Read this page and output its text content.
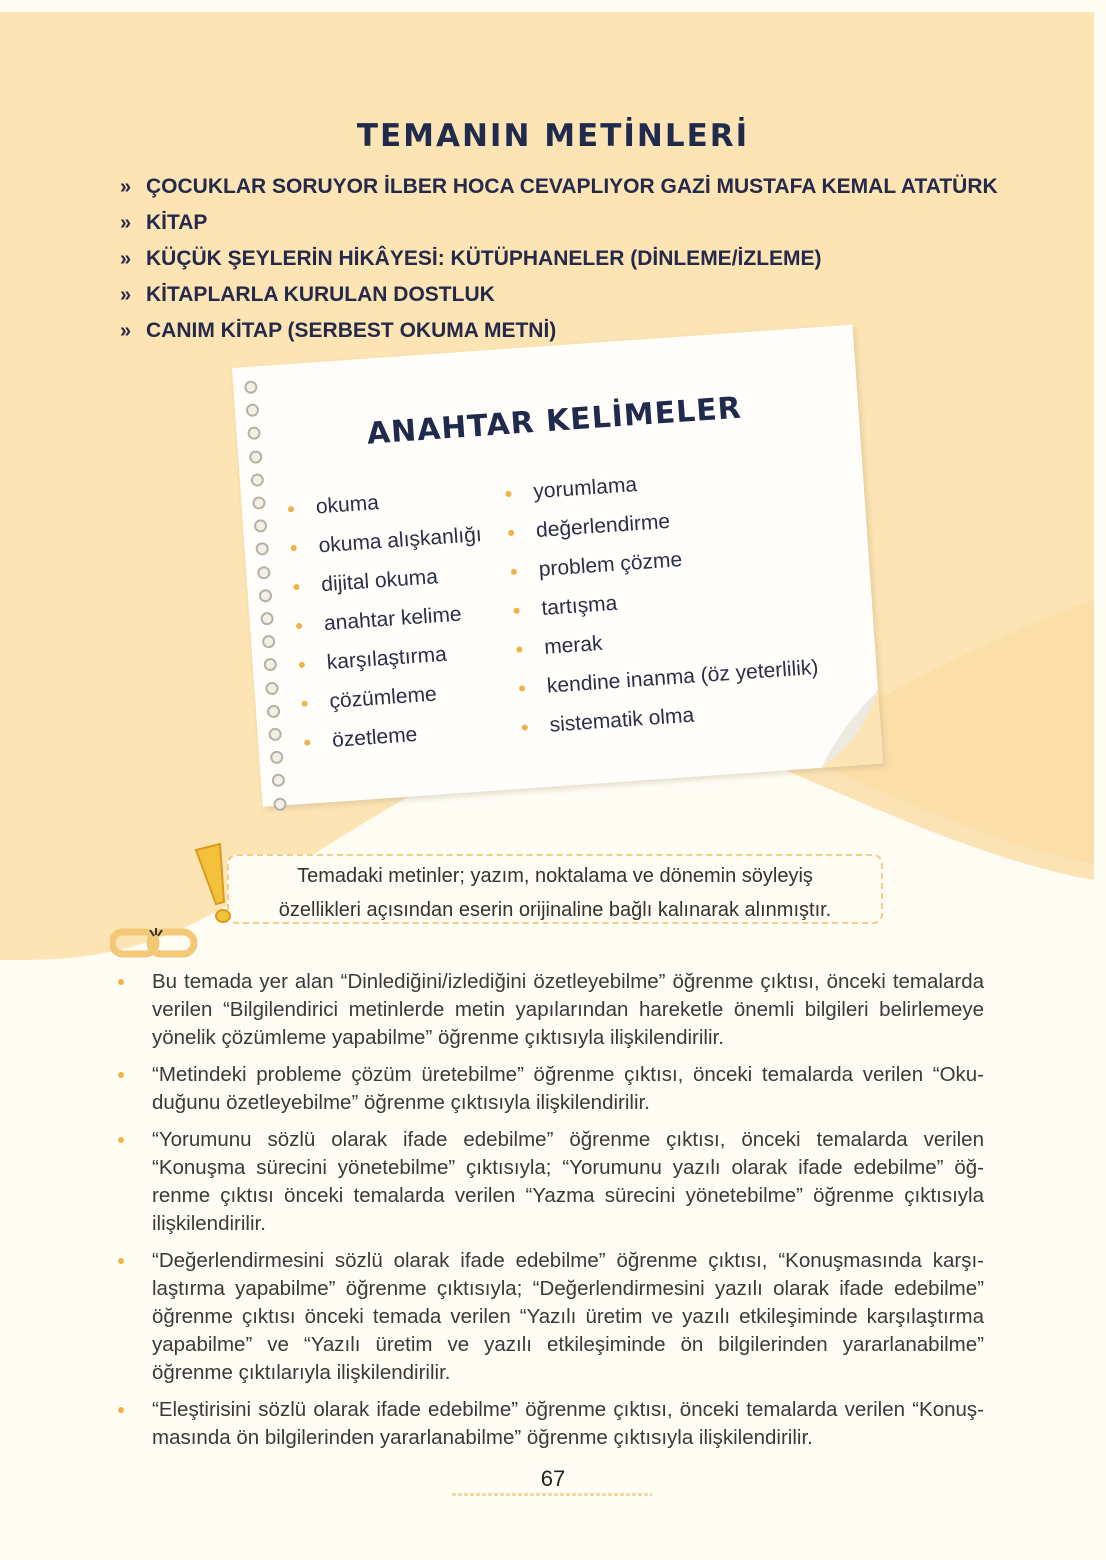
TEMANIN METİNLERİ
» ÇOCUKLAR SORUYOR İLBER HOCA CEVAPLIYOR GAZİ MUSTAFA KEMAL ATATÜRK
» KİTAP
» KÜÇÜK ŞEYLERİN HİKÂYESİ: KÜTÜPHANELER (DİNLEME/İZLEME)
» KİTAPLARLA KURULAN DOSTLUK
» CANIM KİTAP (SERBEST OKUMA METNİ)
ANAHTAR KELİMELER
okuma
okuma alışkanlığı
dijital okuma
anahtar kelime
karşılaştırma
çözümleme
özetleme
yorumlama
değerlendirme
problem çözme
tartışma
merak
kendine inanma (öz yeterlilik)
sistematik olma

Temadaki metinler; yazım, noktalama ve dönemin söyleyiş

özellikleri açısından eserin orijinaline bağlı kalınarak alınmıştır.

Bu temada yer alan “Dinlediğini/izlediğini özetleyebilme” öğrenme çıktısı, önceki temalarda verilen “Bilgilendirici metinlerde metin yapılarından hareketle önemli bilgileri belirlemeye yönelik çözümleme yapabilme” öğrenme çıktısıyla ilişkilendirilir.
“Metindeki probleme çözüm üretebilme” öğrenme çıktısı, önceki temalarda verilen “Okuduğunu özetleyebilme” öğrenme çıktısıyla ilişkilendirilir.
“Yorumunu sözlü olarak ifade edebilme” öğrenme çıktısı, önceki temalarda verilen “Konuşma sürecini yönetebilme” çıktısıyla; “Yorumunu yazılı olarak ifade edebilme” öğrenme çıktısı önceki temalarda verilen “Yazma sürecini yönetebilme” öğrenme çıktısıyla ilişkilendirilir.
“Değerlendirmesini sözlü olarak ifade edebilme” öğrenme çıktısı, “Konuşmasında karşılaştırma yapabilme” öğrenme çıktısıyla; “Değerlendirmesini yazılı olarak ifade edebilme” öğrenme çıktısı önceki temada verilen “Yazılı üretim ve yazılı etkileşiminde karşılaştırma yapabilme” ve “Yazılı üretim ve yazılı etkileşiminde ön bilgilerinden yararlanabilme” öğrenme çıktılarıyla ilişkilendirilir.
“Eleştirisini sözlü olarak ifade edebilme” öğrenme çıktısı, önceki temalarda verilen “Konuşmasında ön bilgilerinden yararlanabilme” öğrenme çıktısıyla ilişkilendirilir.
67
